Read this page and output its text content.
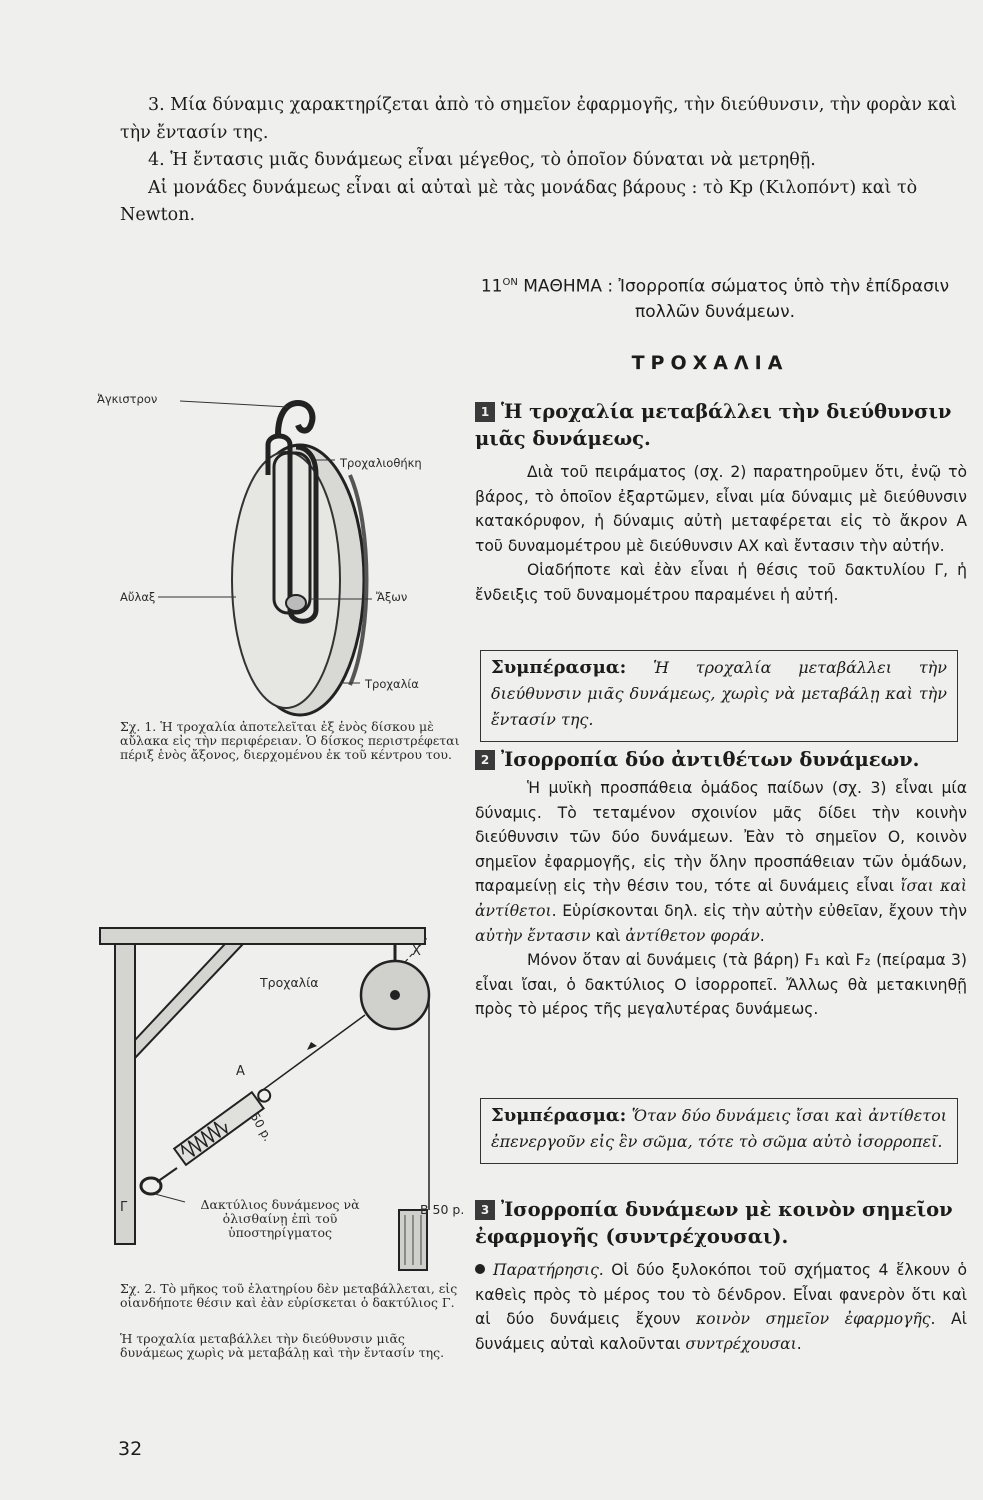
3. Μία δύναμις χαρακτηρίζεται ἀπὸ τὸ σημεῖον ἐφαρμογῆς, τὴν διεύθυνσιν, τὴν φορὰν καὶ τὴν ἔντασίν της.

4. Ἡ ἔντασις μιᾶς δυνάμεως εἶναι μέγεθος, τὸ ὁποῖον δύναται νὰ μετρηθῇ.

Αἱ μονάδες δυνάμεως εἶναι αἱ αὐταὶ μὲ τὰς μονάδας βάρους : τὸ Kp (Κιλοπόντ) καὶ τὸ Newton.

$11^{ON}$ ΜΑΘΗΜΑ : Ἰσορροπία σώματος ὑπὸ τὴν ἐπίδρασιν πολλῶν δυνάμεων.
ΤΡΟΧΑΛΙΑ
1 Ἡ τροχαλία μεταβάλλει τὴν διεύθυνσιν μιᾶς δυνάμεως.

Διὰ τοῦ πειράματος (σχ. 2) παρατηροῦμεν ὅτι, ἐνῷ τὸ βάρος, τὸ ὁποῖον ἐξαρτῶμεν, εἶναι μία δύναμις μὲ διεύθυνσιν κατακόρυφον, ἡ δύναμις αὐτὴ μεταφέρεται εἰς τὸ ἄκρον Α τοῦ δυναμομέτρου μὲ διεύθυνσιν ΑΧ καὶ ἔντασιν τὴν αὐτήν.

Οἱαδήποτε καὶ ἐὰν εἶναι ἡ θέσις τοῦ δακτυλίου Γ, ἡ ἔνδειξις τοῦ δυναμομέτρου παραμένει ἡ αὐτή.

Συμπέρασμα: Ἡ τροχαλία μεταβάλλει τὴν διεύθυνσιν μιᾶς δυνάμεως, χωρὶς νὰ μεταβάλῃ καὶ τὴν ἔντασίν της.
2 Ἰσορροπία δύο ἀντιθέτων δυνάμεων.

Ἡ μυϊκὴ προσπάθεια ὁμάδος παίδων (σχ. 3) εἶναι μία δύναμις. Τὸ τεταμένον σχοινίον μᾶς δίδει τὴν κοινὴν διεύθυνσιν τῶν δύο δυνάμεων. Ἐὰν τὸ σημεῖον Ο, κοινὸν σημεῖον ἐφαρμογῆς, εἰς τὴν ὅλην προσπάθειαν τῶν ὁμάδων, παραμείνῃ εἰς τὴν θέσιν του, τότε αἱ δυνάμεις εἶναι ἴσαι καὶ ἀντίθετοι. Εὑρίσκονται δηλ. εἰς τὴν αὐτὴν εὐθεῖαν, ἔχουν τὴν αὐτὴν ἔντασιν καὶ ἀντίθετον φοράν.

Μόνον ὅταν αἱ δυνάμεις (τὰ βάρη) F₁ καὶ F₂ (πείραμα 3) εἶναι ἴσαι, ὁ δακτύλιος Ο ἰσορροπεῖ. Ἄλλως θὰ μετακινηθῇ πρὸς τὸ μέρος τῆς μεγαλυτέρας δυνάμεως.

Συμπέρασμα: Ὅταν δύο δυνάμεις ἴσαι καὶ ἀντίθετοι ἐπενεργοῦν εἰς ἓν σῶμα, τότε τὸ σῶμα αὐτὸ ἰσορροπεῖ.
3 Ἰσορροπία δυνάμεων μὲ κοινὸν σημεῖον ἐφαρμογῆς (συντρέχουσαι).

Παρατήρησις. Οἱ δύο ξυλοκόποι τοῦ σχήματος 4 ἕλκουν ὁ καθεὶς πρὸς τὸ μέρος του τὸ δένδρον. Εἶναι φανερὸν ὅτι καὶ αἱ δύο δυνάμεις ἔχουν κοινὸν σημεῖον ἐφαρμογῆς. Αἱ δυνάμεις αὐταὶ καλοῦνται συντρέχουσαι.

Ἀγκιστρον
Τροχαλιοθήκη
Αὔλαξ	Ἄξων
Τροχαλία
Σχ. 1. Ἡ τροχαλία ἀποτελεῖται ἐξ ἑνὸς δίσκου μὲ αὔλακα εἰς τὴν περιφέρειαν. Ὁ δίσκος περιστρέφεται πέριξ ἑνὸς ἄξονος, διερχομένου ἐκ τοῦ κέντρου του.
Τροχαλία
X
A
50 p.
Γ	Δακτύλιος δυνάμενος νὰ ὀλισθαίνῃ ἐπὶ τοῦ ὑποστηρίγματος
B 50 p.
Σχ. 2. Τὸ μῆκος τοῦ ἐλατηρίου δὲν μεταβάλλεται, εἰς οἱανδήποτε θέσιν καὶ ἐὰν εὑρίσκεται ὁ δακτύλιος Γ.
Ἡ τροχαλία μεταβάλλει τὴν διεύθυνσιν μιᾶς δυνάμεως χωρὶς νὰ μεταβάλῃ καὶ τὴν ἔντασίν της.
32
